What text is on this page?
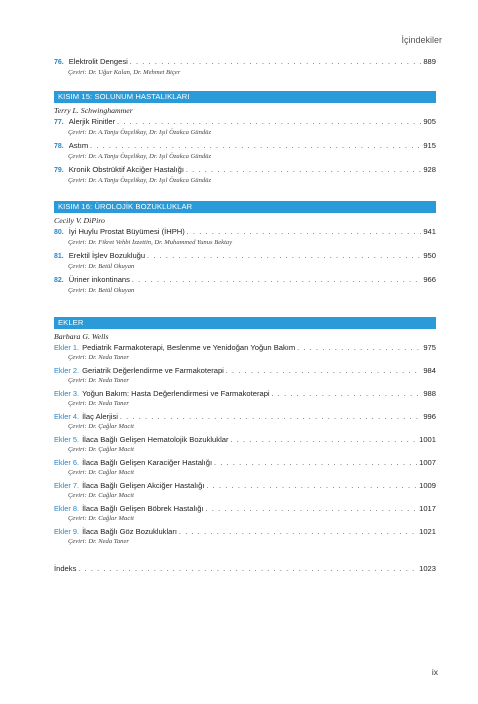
İçindekiler
76. Elektrolit Dengesi . . .	889
Çeviri: Dr. Uğur Kalan, Dr. Mehmet Biçer
KISIM 15: SOLUNUM HASTALIKLARI
Terry L. Schwinghammer
77. Alerjik Rinitler . . .	905
Çeviri: Dr. A.Tanju Özçelikay, Dr. Işıl Özakca Gündüz
78. Astım . . .	915
Çeviri: Dr. A.Tanju Özçelikay, Dr. Işıl Özakca Gündüz
79. Kronik Obstrüktif Akciğer Hastalığı . . .	928
Çeviri: Dr. A.Tanju Özçelikay, Dr. Işıl Özakca Gündüz
KISIM 16: ÜROLOJİK BOZUKLUKLAR
Cecily V. DiPiro
80. İyi Huylu Prostat Büyümesi (İHPH) . . .	941
Çeviri: Dr. Fikret Vehbi İzzettin, Dr. Muhammed Yunus Bektay
81. Erektil İşlev Bozukluğu . . .	950
Çeviri: Dr. Betül Okuyan
82. Üriner inkontinans . . .	966
Çeviri: Dr. Betül Okuyan
EKLER
Barbara G. Wells
Ekler 1. Pediatrik Farmakoterapi, Beslenme ve Yenidoğan Yoğun Bakım . . .	975
Çeviri: Dr. Neda Taner
Ekler 2. Geriatrik Değerlendirme ve Farmakoterapi . . .	984
Çeviri: Dr. Neda Taner
Ekler 3. Yoğun Bakım: Hasta Değerlendirmesi ve Farmakoterapi . . .	988
Çeviri: Dr. Neda Taner
Ekler 4. İlaç Alerjisi . . .	996
Çeviri: Dr. Çağlar Macit
Ekler 5. İlaca Bağlı Gelişen Hematolojik Bozukluklar . . .	1001
Çeviri: Dr. Çağlar Macit
Ekler 6. İlaca Bağlı Gelişen Karaciğer Hastalığı . . .	1007
Çeviri: Dr. Cağlar Macit
Ekler 7. İlaca Bağlı Gelişen Akciğer Hastalığı . . .	1009
Çeviri: Dr. Cağlar Macit
Ekler 8. İlaca Bağlı Gelişen Böbrek Hastalığı . . .	1017
Çeviri: Dr. Cağlar Macit
Ekler 9. İlaca Bağlı Göz Bozuklukları . . .	1021
Çeviri: Dr. Neda Taner
İndeks . . .	1023
ix
